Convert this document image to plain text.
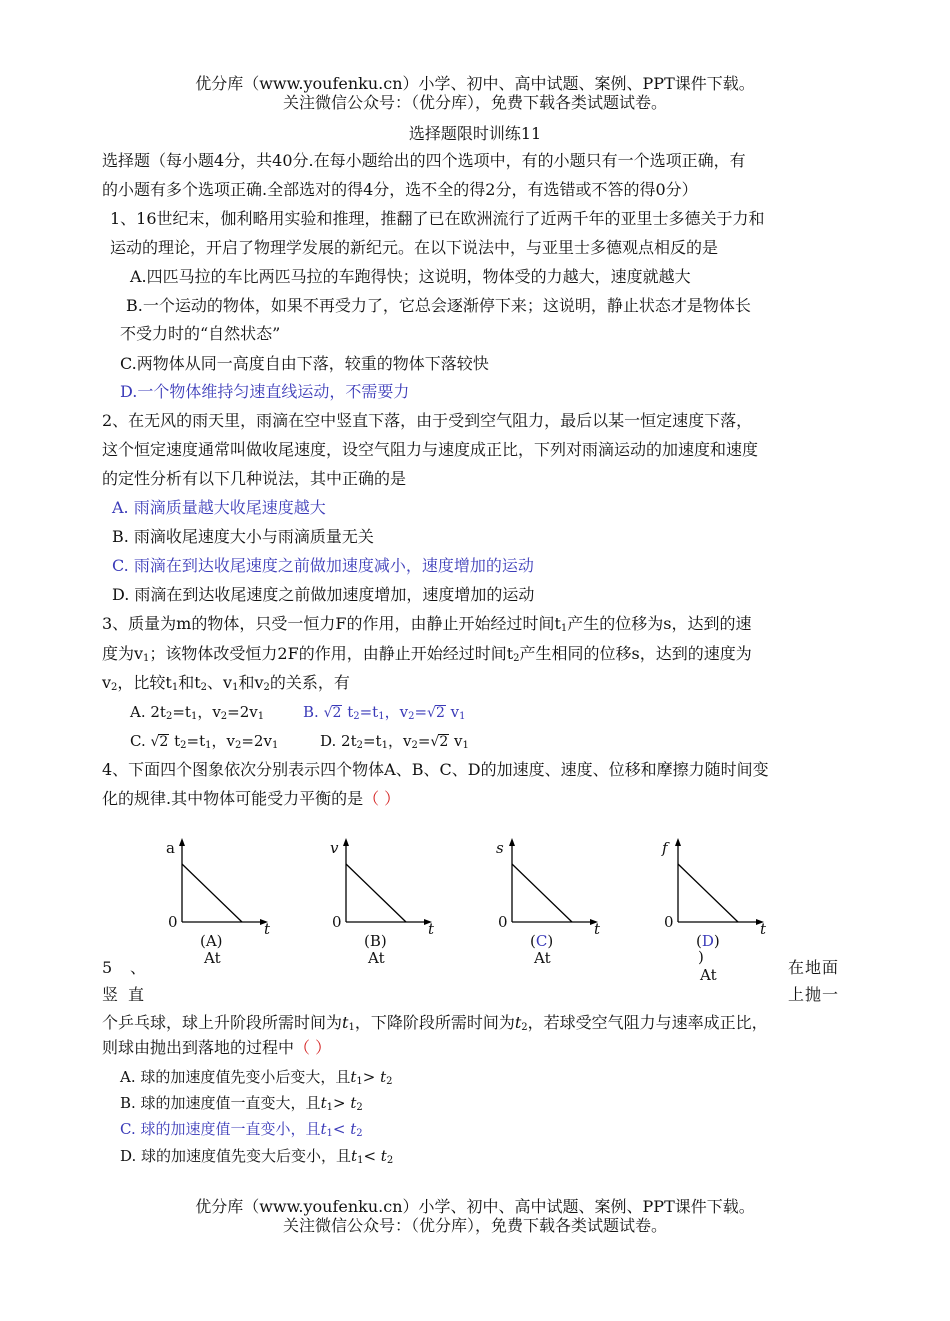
优分库（www.youfenku.cn）小学、初中、高中试题、案例、PPT课件下载。
关注微信公众号：（优分库），免费下载各类试题试卷。
选择题限时训练11
选择题（每小题4分，共40分.在每小题给出的四个选项中，有的小题只有一个选项正确，有
的小题有多个选项正确.全部选对的得4分，选不全的得2分，有选错或不答的得0分）
1、16世纪末，伽利略用实验和推理，推翻了已在欧洲流行了近两千年的亚里士多德关于力和
运动的理论，开启了物理学发展的新纪元。在以下说法中，与亚里士多德观点相反的是
A.四匹马拉的车比两匹马拉的车跑得快；这说明，物体受的力越大，速度就越大
B.一个运动的物体，如果不再受力了，它总会逐渐停下来；这说明，静止状态才是物体长
不受力时的“自然状态”
C.两物体从同一高度自由下落，较重的物体下落较快
D.一个物体维持匀速直线运动，不需要力
2、在无风的雨天里，雨滴在空中竖直下落，由于受到空气阻力，最后以某一恒定速度下落，
这个恒定速度通常叫做收尾速度，设空气阻力与速度成正比，下列对雨滴运动的加速度和速度
的定性分析有以下几种说法，其中正确的是
A. 雨滴质量越大收尾速度越大
B. 雨滴收尾速度大小与雨滴质量无关
C. 雨滴在到达收尾速度之前做加速度减小，速度增加的运动
D. 雨滴在到达收尾速度之前做加速度增加，速度增加的运动
3、质量为m的物体，只受一恒力F的作用，由静止开始经过时间$t_1$产生的位移为s，达到的速
度为$v_1$；该物体改受恒力2F的作用，由静止开始经过时间$t_2$产生相同的位移s，达到的速度为
$v_2$，比较$t_1$和$t_2$、$v_1$和$v_2$的关系，有
A. $2t_2=t_1$，$v_2=2v_1$	B. √2 $t_2=t_1$，$v_2=√2$ $v_1$
C. √2 $t_2=t_1$，$v_2=2v_1$	D. $2t_2=t_1$，$v_2=√2$ $v_1$
4、下面四个图象依次分别表示四个物体A、B、C、D的加速度、速度、位移和摩擦力随时间变
化的规律.其中物体可能受力平衡的是（ ）
a
t
0
(A)
At
v
t
0
(B)
At
s
t
0
(C)
At
f
t
0
(D)
)
At
5 、	在地面
竖直	上抛一
个乒乓球，球上升阶段所需时间为$t_1$，下降阶段所需时间为$t_2$，若球受空气阻力与速率成正比，
则球由抛出到落地的过程中（ ）
A. 球的加速度值先变小后变大，且$t_1> t_2$
B. 球的加速度值一直变大，且$t_1> t_2$
C. 球的加速度值一直变小，且$t_1< t_2$
D. 球的加速度值先变大后变小，且$t_1< t_2$
优分库（www.youfenku.cn）小学、初中、高中试题、案例、PPT课件下载。
关注微信公众号：（优分库），免费下载各类试题试卷。
